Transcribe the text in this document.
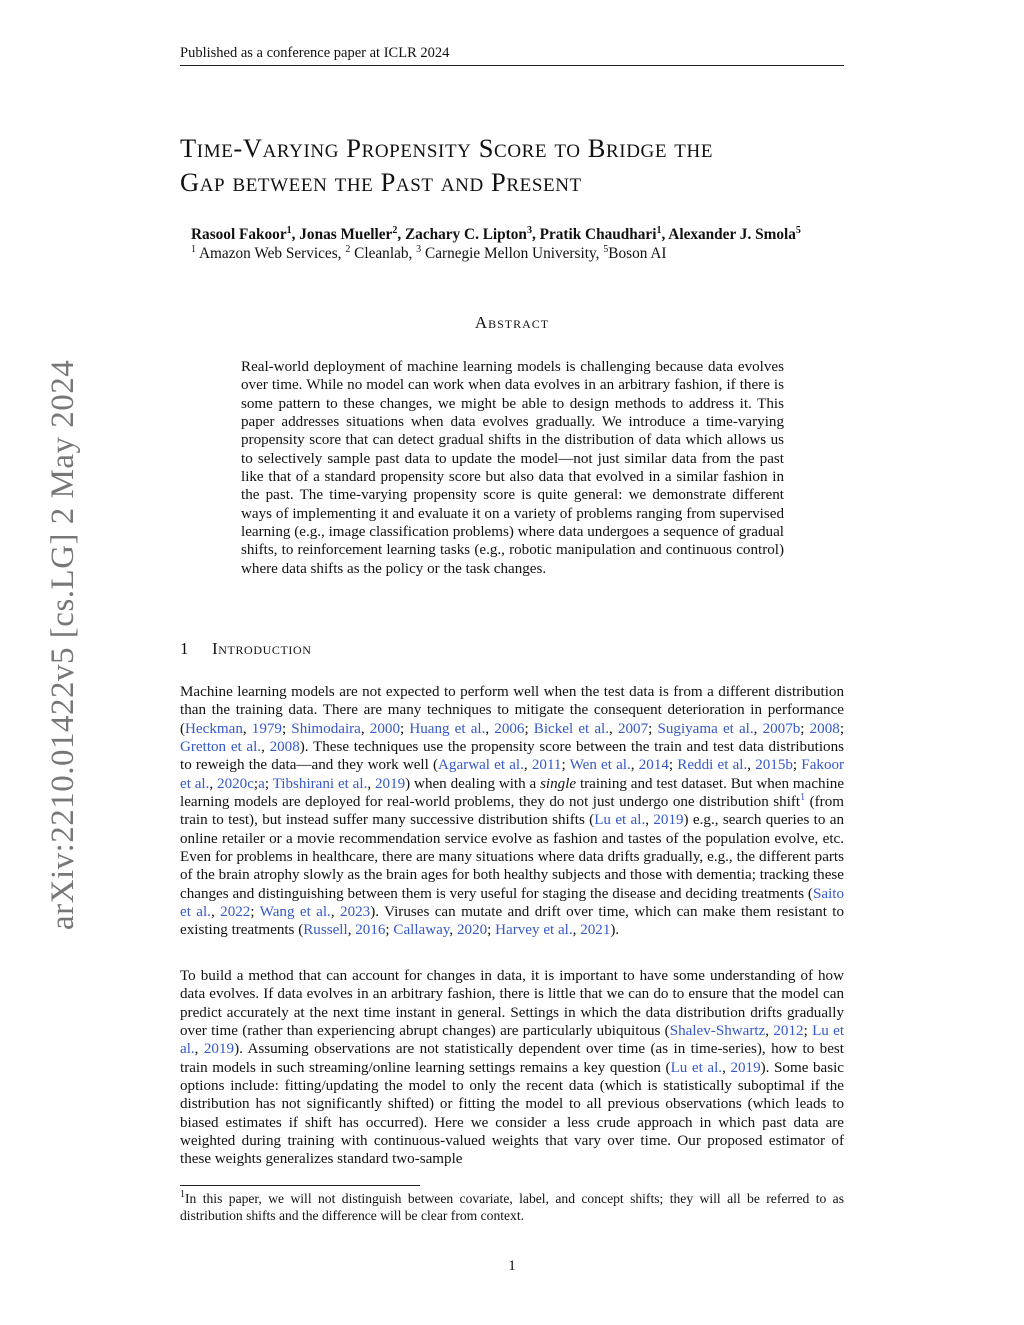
Published as a conference paper at ICLR 2024
arXiv:2210.01422v5 [cs.LG] 2 May 2024
Time-Varying Propensity Score to Bridge the
Gap between the Past and Present
Rasool Fakoor$^1$, Jonas Mueller$^2$, Zachary C. Lipton$^3$, Pratik Chaudhari$^1$, Alexander J. Smola$^5$
$^1$ Amazon Web Services, $^2$ Cleanlab, $^3$ Carnegie Mellon University, $^5$Boson AI
Abstract
Real-world deployment of machine learning models is challenging because data evolves over time. While no model can work when data evolves in an arbitrary fashion, if there is some pattern to these changes, we might be able to design methods to address it. This paper addresses situations when data evolves gradually. We introduce a time-varying propensity score that can detect gradual shifts in the distribution of data which allows us to selectively sample past data to update the model—not just similar data from the past like that of a standard propensity score but also data that evolved in a similar fashion in the past. The time-varying propensity score is quite general: we demonstrate different ways of implementing it and evaluate it on a variety of problems ranging from supervised learning (e.g., image classification problems) where data undergoes a sequence of gradual shifts, to reinforcement learning tasks (e.g., robotic manipulation and continuous control) where data shifts as the policy or the task changes.
1 Introduction
Machine learning models are not expected to perform well when the test data is from a different distribution than the training data. There are many techniques to mitigate the consequent deterioration in performance (Heckman, 1979; Shimodaira, 2000; Huang et al., 2006; Bickel et al., 2007; Sugiyama et al., 2007b; 2008; Gretton et al., 2008). These techniques use the propensity score between the train and test data distributions to reweigh the data—and they work well (Agarwal et al., 2011; Wen et al., 2014; Reddi et al., 2015b; Fakoor et al., 2020c;a; Tibshirani et al., 2019) when dealing with a single training and test dataset. But when machine learning models are deployed for real-world problems, they do not just undergo one distribution shift$^1$ (from train to test), but instead suffer many successive distribution shifts (Lu et al., 2019) e.g., search queries to an online retailer or a movie recommendation service evolve as fashion and tastes of the population evolve, etc. Even for problems in healthcare, there are many situations where data drifts gradually, e.g., the different parts of the brain atrophy slowly as the brain ages for both healthy subjects and those with dementia; tracking these changes and distinguishing between them is very useful for staging the disease and deciding treatments (Saito et al., 2022; Wang et al., 2023). Viruses can mutate and drift over time, which can make them resistant to existing treatments (Russell, 2016; Callaway, 2020; Harvey et al., 2021).
To build a method that can account for changes in data, it is important to have some understanding of how data evolves. If data evolves in an arbitrary fashion, there is little that we can do to ensure that the model can predict accurately at the next time instant in general. Settings in which the data distribution drifts gradually over time (rather than experiencing abrupt changes) are particularly ubiquitous (Shalev-Shwartz, 2012; Lu et al., 2019). Assuming observations are not statistically dependent over time (as in time-series), how to best train models in such streaming/online learning settings remains a key question (Lu et al., 2019). Some basic options include: fitting/updating the model to only the recent data (which is statistically suboptimal if the distribution has not significantly shifted) or fitting the model to all previous observations (which leads to biased estimates if shift has occurred). Here we consider a less crude approach in which past data are weighted during training with continuous-valued weights that vary over time. Our proposed estimator of these weights generalizes standard two-sample
$^1$In this paper, we will not distinguish between covariate, label, and concept shifts; they will all be referred to as distribution shifts and the difference will be clear from context.
1
